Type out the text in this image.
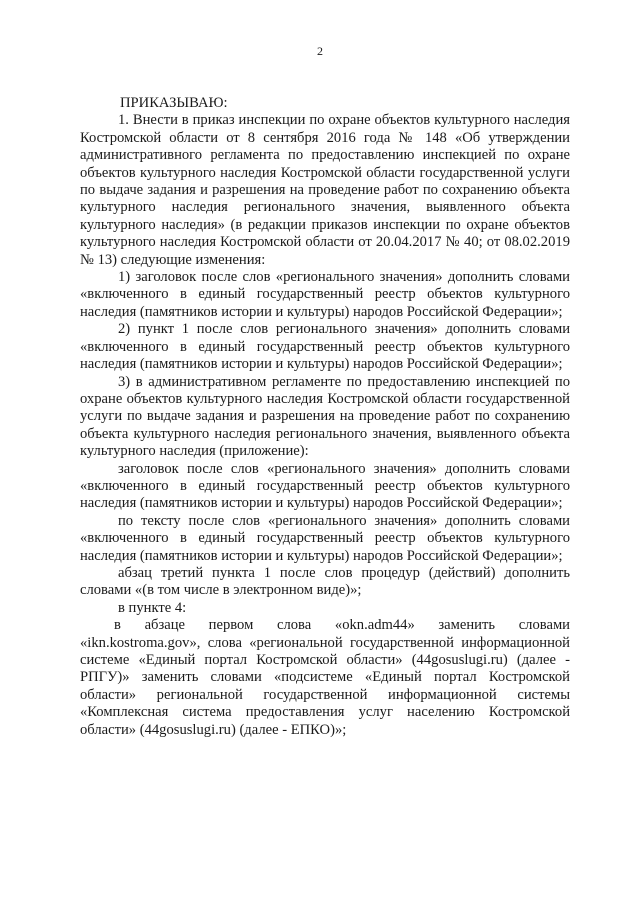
2

ПРИКАЗЫВАЮ:

1. Внести в приказ инспекции по охране объектов культурного наследия Костромской области от 8 сентября 2016 года № 148 «Об утверждении административного регламента по предоставлению инспекцией по охране объектов культурного наследия Костромской области государственной услуги по выдаче задания и разрешения на проведение работ по сохранению объекта культурного наследия регионального значения, выявленного объекта культурного наследия» (в редакции приказов инспекции по охране объектов культурного наследия Костромской области от 20.04.2017 № 40; от 08.02.2019 № 13) следующие изменения:

1) заголовок после слов «регионального значения» дополнить словами «включенного в единый государственный реестр объектов культурного наследия (памятников истории и культуры) народов Российской Федерации»;

2) пункт 1 после слов регионального значения» дополнить словами «включенного в единый государственный реестр объектов культурного наследия (памятников истории и культуры) народов Российской Федерации»;

3) в административном регламенте по предоставлению инспекцией по охране объектов культурного наследия Костромской области государственной услуги по выдаче задания и разрешения на проведение работ по сохранению объекта культурного наследия регионального значения, выявленного объекта культурного наследия (приложение):

заголовок после слов «регионального значения» дополнить словами «включенного в единый государственный реестр объектов культурного наследия (памятников истории и культуры) народов Российской Федерации»;

по тексту после слов «регионального значения» дополнить словами «включенного в единый государственный реестр объектов культурного наследия (памятников истории и культуры) народов Российской Федерации»;

абзац третий пункта 1 после слов процедур (действий) дополнить словами «(в том числе в электронном виде)»;

в пункте 4:

в абзаце первом слова «okn.adm44» заменить словами «ikn.kostroma.gov», слова «региональной государственной информационной системе «Единый портал Костромской области» (44gosuslugi.ru) (далее - РПГУ)» заменить словами «подсистеме «Единый портал Костромской области» региональной государственной информационной системы «Комплексная система предоставления услуг населению Костромской области» (44gosuslugi.ru) (далее - ЕПКО)»;
